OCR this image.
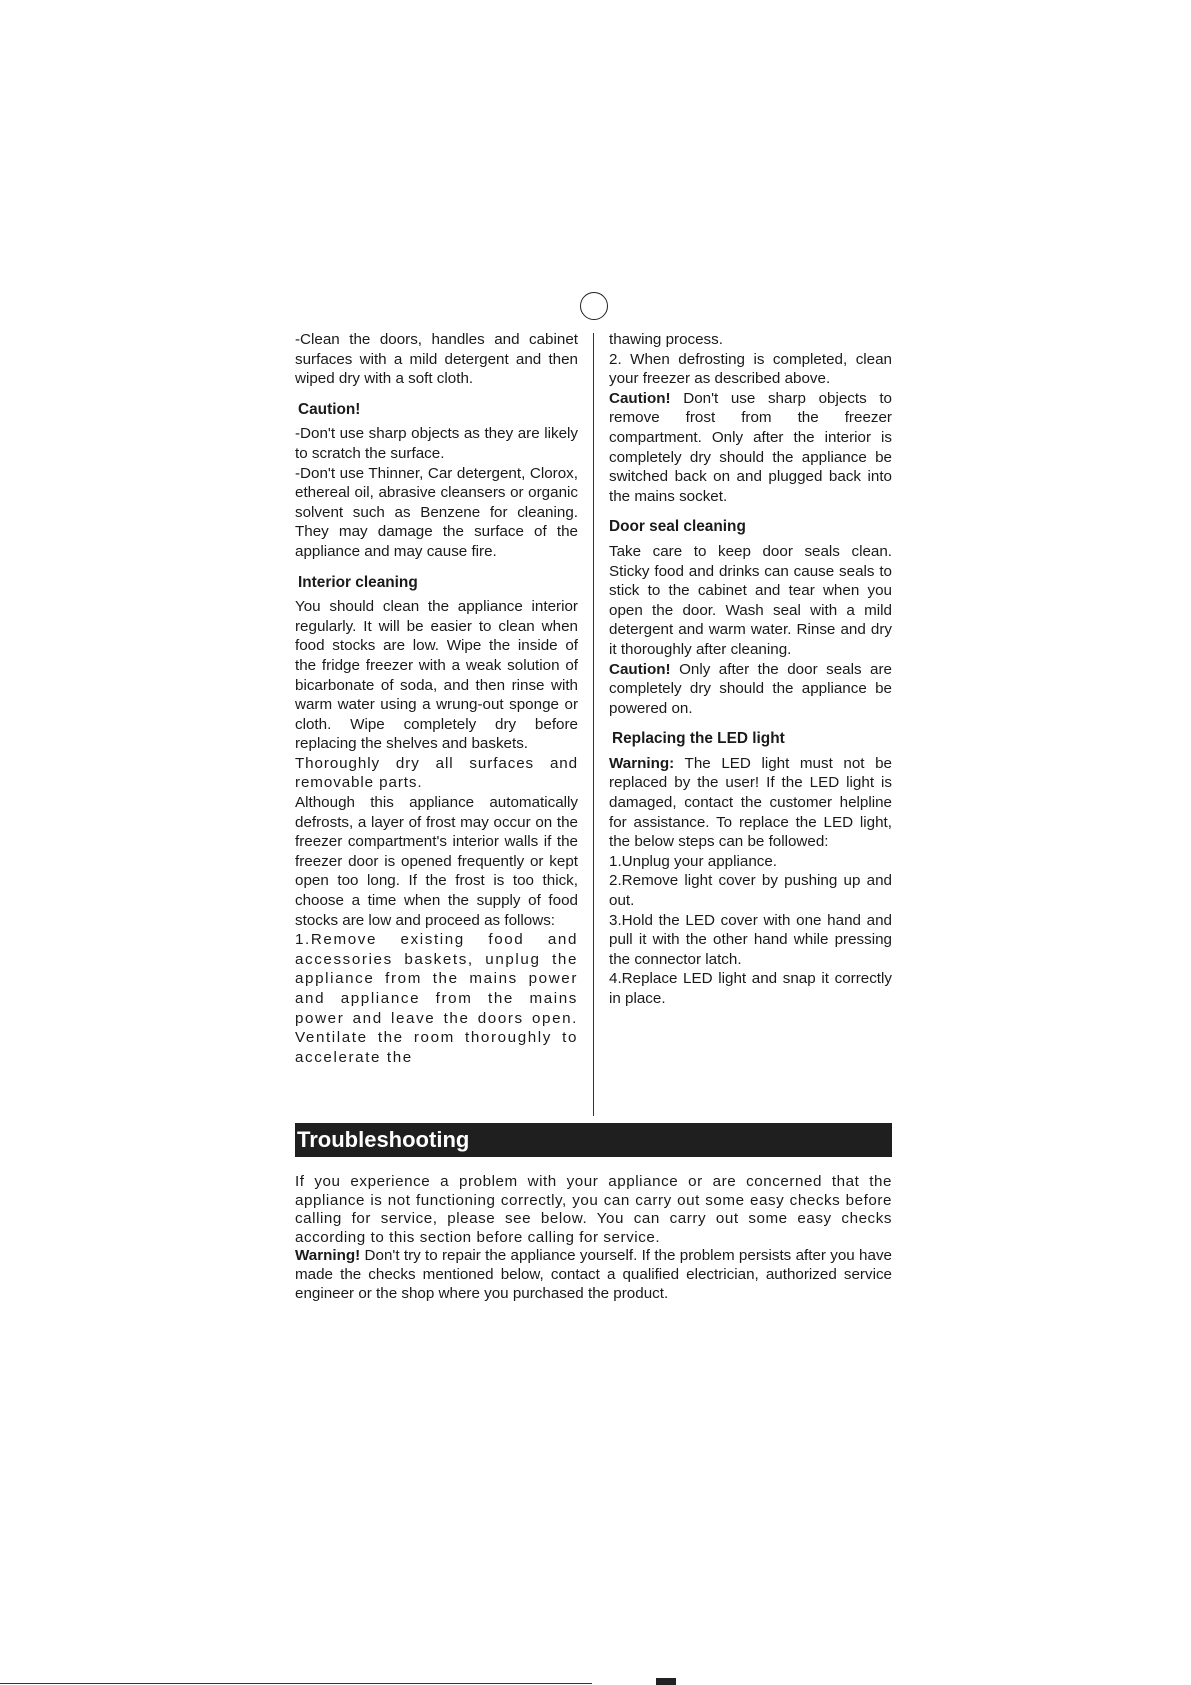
-Clean the doors, handles and cabinet surfaces with a mild detergent and then wiped dry with a soft cloth.

Caution!

-Don't use sharp objects as they are likely to scratch the surface.

-Don't use Thinner, Car detergent, Clorox, ethereal oil, abrasive cleansers or organic solvent such as Benzene for cleaning. They may damage the surface of the appliance and may cause fire.

Interior cleaning

You should clean the appliance interior regularly. It will be easier to clean when food stocks are low. Wipe the inside of the fridge freezer with a weak solution of bicarbonate of soda, and then rinse with warm water using a wrung-out sponge or cloth. Wipe completely dry before replacing the shelves and baskets.

Thoroughly dry all surfaces and removable parts.

Although this appliance automatically defrosts, a layer of frost may occur on the freezer compartment's interior walls if the freezer door is opened frequently or kept open too long. If the frost is too thick, choose a time when the supply of food stocks are low and proceed as follows:

1.Remove existing food and accessories baskets, unplug the appliance from the mains power and appliance from the mains power and leave the doors open. Ventilate the room thoroughly to accelerate the

thawing process.

2. When defrosting is completed, clean your freezer as described above.

Caution! Don't use sharp objects to remove frost from the freezer compartment. Only after the interior is completely dry should the appliance be switched back on and plugged back into the mains socket.

Door seal cleaning

Take care to keep door seals clean. Sticky food and drinks can cause seals to stick to the cabinet and tear when you open the door. Wash seal with a mild detergent and warm water. Rinse and dry it thoroughly after cleaning.

Caution! Only after the door seals are completely dry should the appliance be powered on.

Replacing the LED light

Warning: The LED light must not be replaced by the user! If the LED light is damaged, contact the customer helpline for assistance. To replace the LED light, the below steps can be followed:

1.Unplug your appliance.

2.Remove light cover by pushing up and out.

3.Hold the LED cover with one hand and pull it with the other hand while pressing the connector latch.

4.Replace LED light and snap it correctly in place.

Troubleshooting

If you experience a problem with your appliance or are concerned that the appliance is not functioning correctly, you can carry out some easy checks before calling for service, please see below. You can carry out some easy checks according to this section before calling for service.

Warning! Don't try to repair the appliance yourself. If the problem persists after you have made the checks mentioned below, contact a qualified electrician, authorized service engineer or the shop where you purchased the product.
